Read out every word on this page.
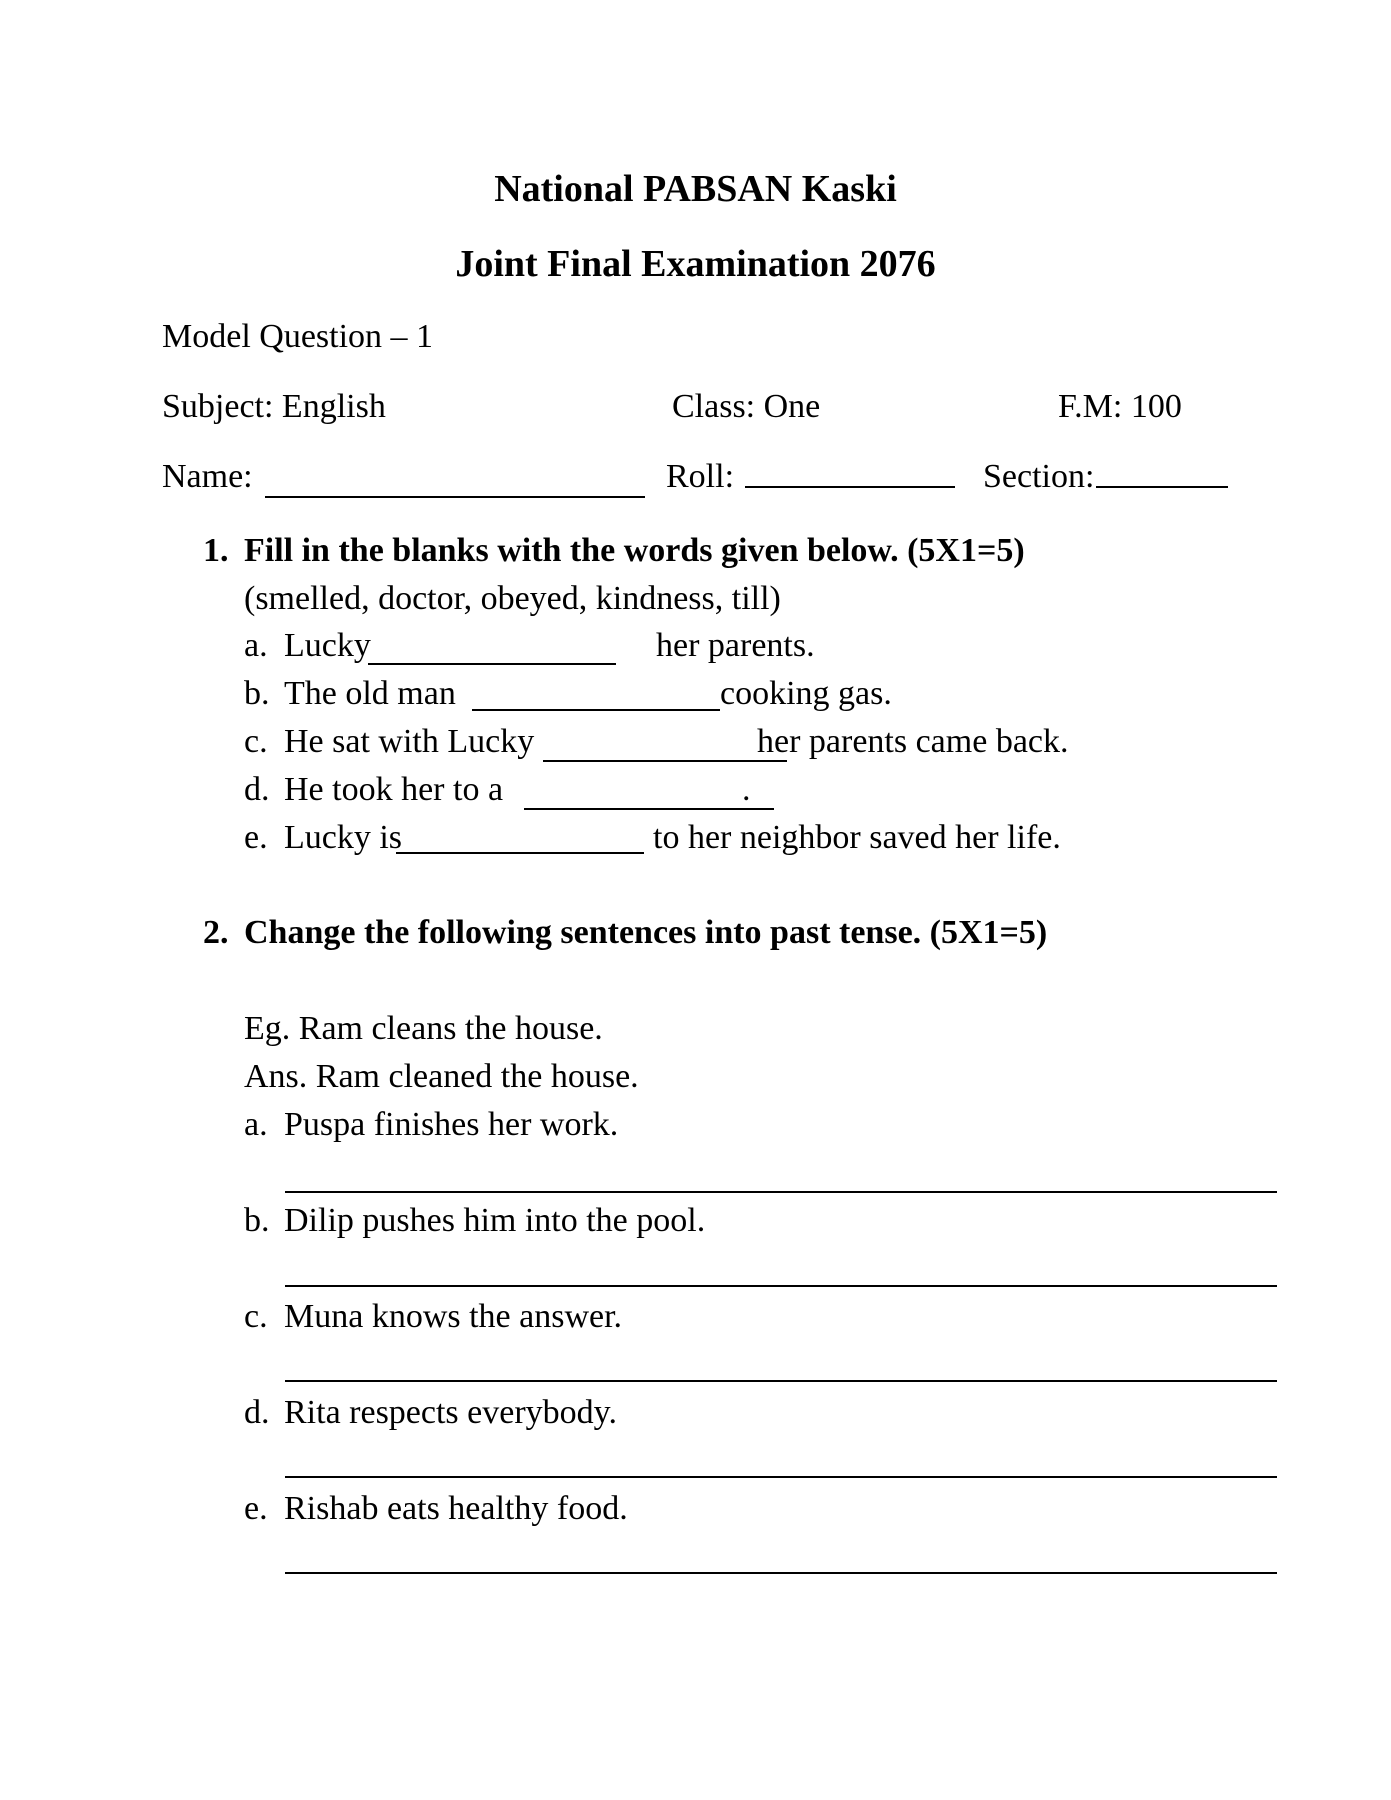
National PABSAN Kaski
Joint Final Examination 2076
Model Question – 1
Subject: English	Class: One	F.M: 100
Name:	Roll:	Section:
1. Fill in the blanks with the words given below. (5X1=5)
(smelled, doctor, obeyed, kindness, till)
a. Lucky	her parents.
b. The old man	cooking gas.
c. He sat with Lucky	her parents came back.
d. He took her to a	.
e. Lucky is	to her neighbor saved her life.
2. Change the following sentences into past tense. (5X1=5)
Eg. Ram cleans the house.
Ans. Ram cleaned the house.
a. Puspa finishes her work.
b. Dilip pushes him into the pool.
c. Muna knows the answer.
d. Rita respects everybody.
e. Rishab eats healthy food.
